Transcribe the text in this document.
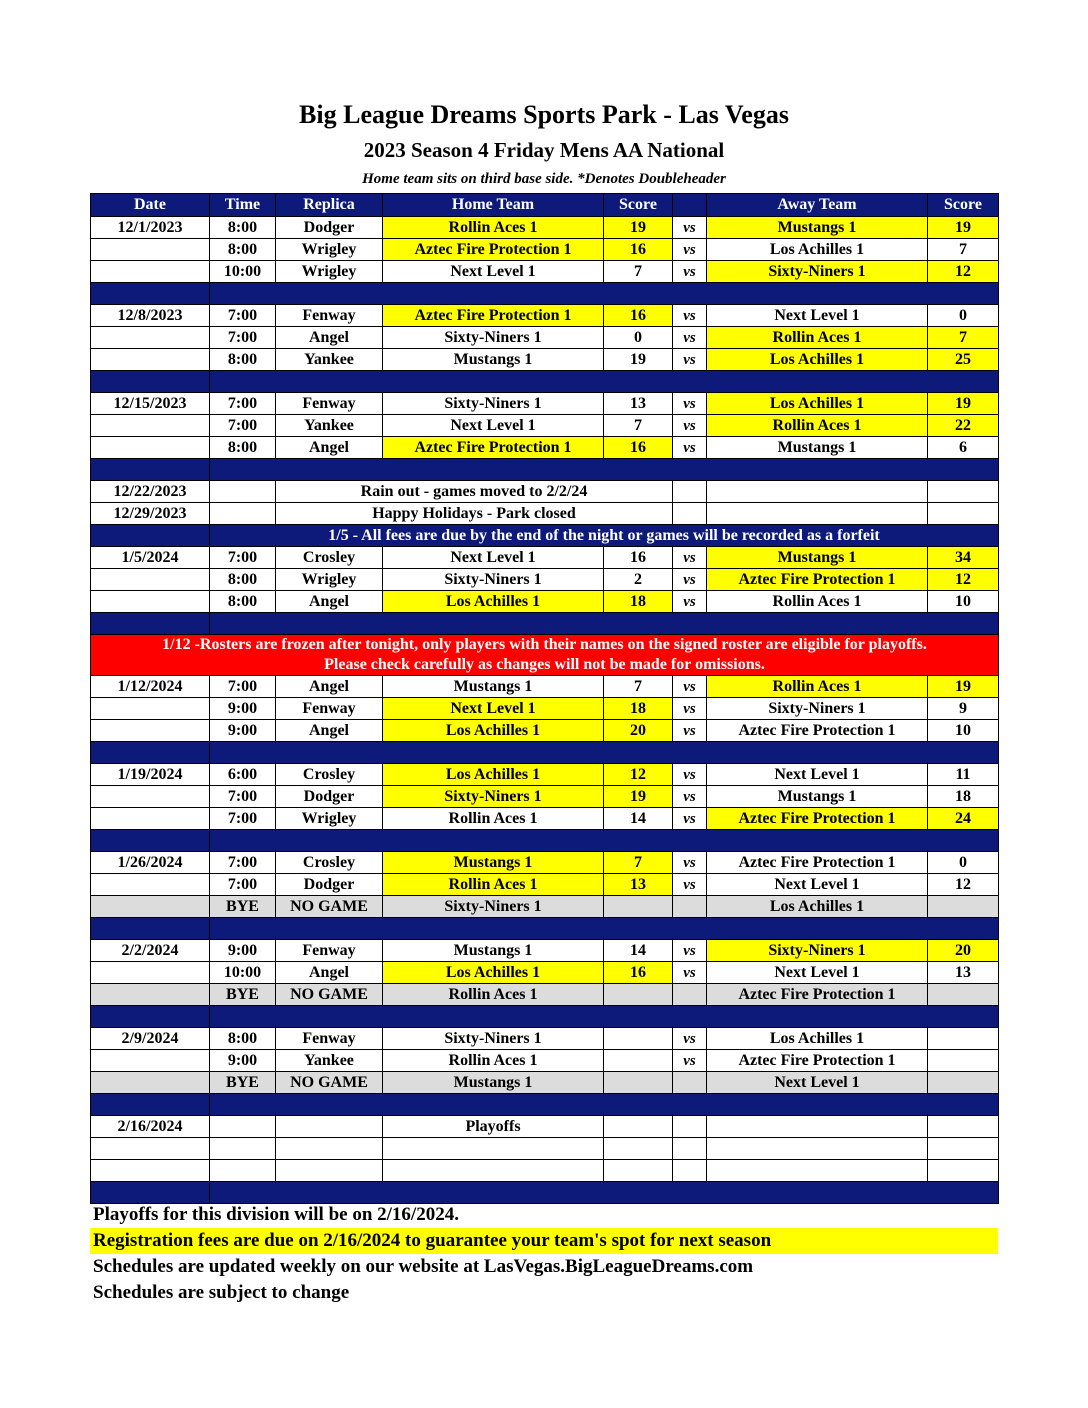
Big League Dreams Sports Park - Las Vegas
2023 Season 4 Friday Mens AA National
Home team sits on third base side. *Denotes Doubleheader
Date	Time	Replica	Home Team	Score		Away Team	Score
12/1/2023	8:00	Dodger	Rollin Aces 1	19	vs	Mustangs 1	19
	8:00	Wrigley	Aztec Fire Protection 1	16	vs	Los Achilles 1	7
	10:00	Wrigley	Next Level 1	7	vs	Sixty-Niners 1	12

12/8/2023	7:00	Fenway	Aztec Fire Protection 1	16	vs	Next Level 1	0
	7:00	Angel	Sixty-Niners 1	0	vs	Rollin Aces 1	7
	8:00	Yankee	Mustangs 1	19	vs	Los Achilles 1	25

12/15/2023	7:00	Fenway	Sixty-Niners 1	13	vs	Los Achilles 1	19
	7:00	Yankee	Next Level 1	7	vs	Rollin Aces 1	22
	8:00	Angel	Aztec Fire Protection 1	16	vs	Mustangs 1	6

12/22/2023		Rain out - games moved to 2/2/24					
12/29/2023		Happy Holidays - Park closed					
	1/5 - All fees are due by the end of the night or games will be recorded as a forfeit						
1/5/2024	7:00	Crosley	Next Level 1	16	vs	Mustangs 1	34
	8:00	Wrigley	Sixty-Niners 1	2	vs	Aztec Fire Protection 1	12
	8:00	Angel	Los Achilles 1	18	vs	Rollin Aces 1	10

1/12 -Rosters are frozen after tonight, only players with their names on the signed roster are eligible for playoffs.
Please check carefully as changes will not be made for omissions.							

1/12/2024	7:00	Angel	Mustangs 1	7	vs	Rollin Aces 1	19
	9:00	Fenway	Next Level 1	18	vs	Sixty-Niners 1	9
	9:00	Angel	Los Achilles 1	20	vs	Aztec Fire Protection 1	10

1/19/2024	6:00	Crosley	Los Achilles 1	12	vs	Next Level 1	11
	7:00	Dodger	Sixty-Niners 1	19	vs	Mustangs 1	18
	7:00	Wrigley	Rollin Aces 1	14	vs	Aztec Fire Protection 1	24

1/26/2024	7:00	Crosley	Mustangs 1	7	vs	Aztec Fire Protection 1	0
	7:00	Dodger	Rollin Aces 1	13	vs	Next Level 1	12
	BYE	NO GAME	Sixty-Niners 1			Los Achilles 1	

2/2/2024	9:00	Fenway	Mustangs 1	14	vs	Sixty-Niners 1	20
	10:00	Angel	Los Achilles 1	16	vs	Next Level 1	13
	BYE	NO GAME	Rollin Aces 1			Aztec Fire Protection 1	

2/9/2024	8:00	Fenway	Sixty-Niners 1		vs	Los Achilles 1	
	9:00	Yankee	Rollin Aces 1		vs	Aztec Fire Protection 1	
	BYE	NO GAME	Mustangs 1			Next Level 1	

2/16/2024			Playoffs				

Playoffs for this division will be on 2/16/2024.
Registration fees are due on 2/16/2024 to guarantee your team's spot for next season
Schedules are updated weekly on our website at LasVegas.BigLeagueDreams.com
Schedules are subject to change
